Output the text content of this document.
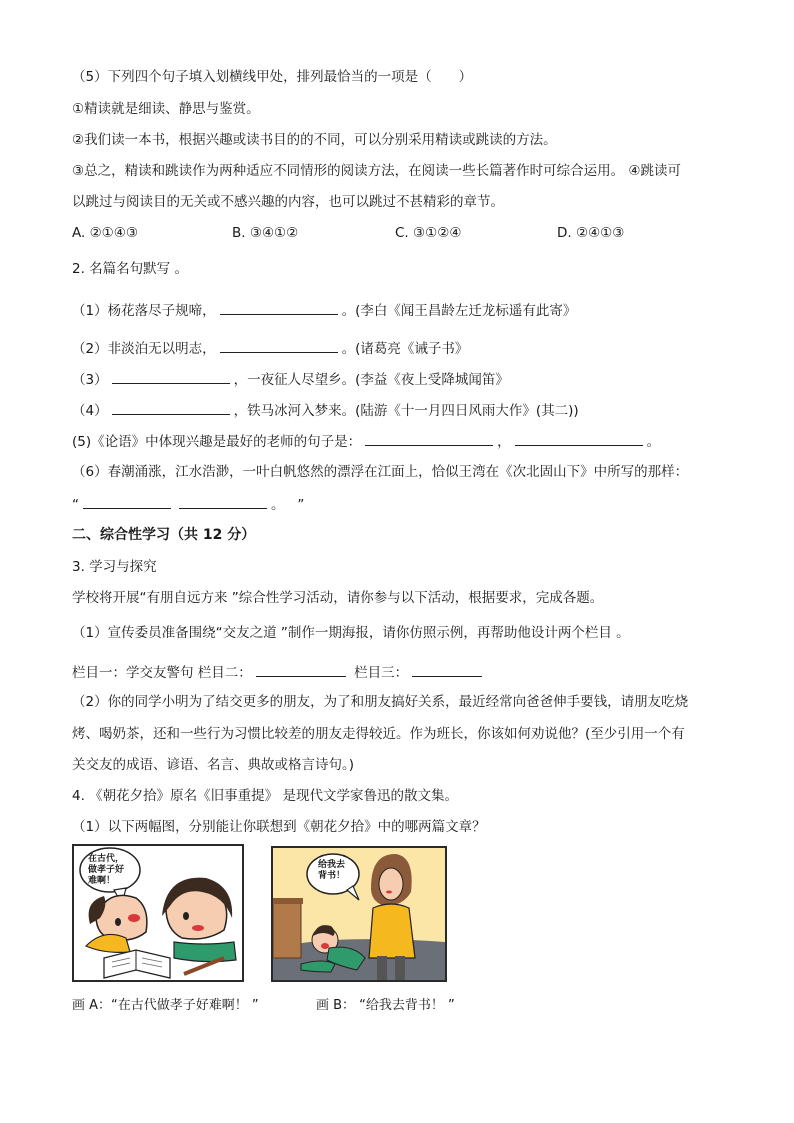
（5）下列四个句子填入划横线甲处，排列最恰当的一项是（　　）
①精读就是细读、静思与鉴赏。
②我们读一本书，根据兴趣或读书目的的不同，可以分别采用精读或跳读的方法。
③总之，精读和跳读作为两种适应不同情形的阅读方法，在阅读一些长篇著作时可综合运用。 ④跳读可
以跳过与阅读目的无关或不感兴趣的内容，也可以跳过不甚精彩的章节。
A. ②①④③	B. ③④①②	C. ③①②④	D. ②④①③
2. 名篇名句默写 。
（1）杨花落尽子规啼，	。(李白《闻王昌龄左迁龙标遥有此寄》
（2）非淡泊无以明志，	。(诸葛亮《诫子书》
（3）	，一夜征人尽望乡。(李益《夜上受降城闻笛》
（4）	，铁马冰河入梦来。(陆游《十一月四日风雨大作》(其二))
(5)《论语》中体现兴趣是最好的老师的句子是：	，	。
（6）春潮涌涨，江水浩渺，一叶白帆悠然的漂浮在江面上，恰似王湾在《次北固山下》中所写的那样：
“	。 ”
二、综合性学习（共 12 分）
3. 学习与探究
学校将开展“有朋自远方来 ”综合性学习活动，请你参与以下活动，根据要求，完成各题。
（1）宣传委员准备围绕“交友之道 ”制作一期海报，请你仿照示例，再帮助他设计两个栏目 。
栏目一：学交友警句 栏目二：	栏目三：
（2）你的同学小明为了结交更多的朋友，为了和朋友搞好关系，最近经常向爸爸伸手要钱，请朋友吃烧
烤、喝奶茶，还和一些行为习惯比较差的朋友走得较近。作为班长，你该如何劝说他？(至少引用一个有
关交友的成语、谚语、名言、典故或格言诗句。)
4. 《朝花夕拾》原名《旧事重提》 是现代文学家鲁迅的散文集。
（1）以下两幅图，分别能让你联想到《朝花夕拾》中的哪两篇文章？
在古代，
做孝子好
难啊！
给我去
背书！
画 A：“在古代做孝子好难啊！ ”	画 B： “给我去背书！ ”
